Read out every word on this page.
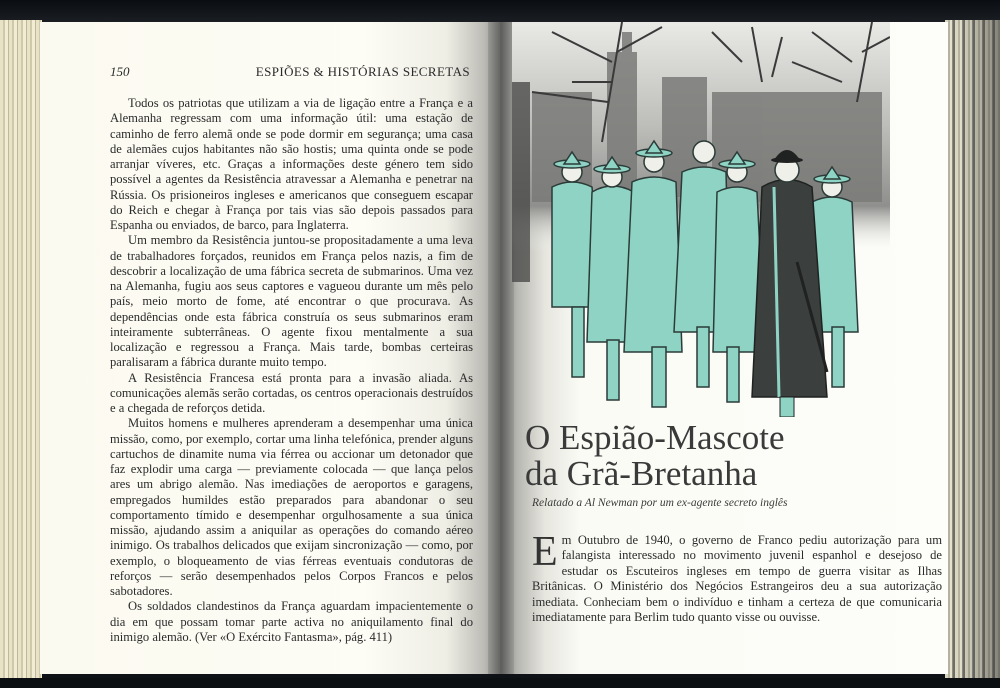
150	ESPIÕES & HISTÓRIAS SECRETAS

Todos os patriotas que utilizam a via de ligação entre a França e a Alemanha regressam com uma informação útil: uma estação de caminho de ferro alemã onde se pode dormir em segurança; uma casa de alemães cujos habitantes não são hostis; uma quinta onde se pode arranjar víveres, etc. Graças a informações deste género tem sido possível a agentes da Resistência atravessar a Alemanha e penetrar na Rússia. Os prisioneiros ingleses e americanos que conseguem escapar do Reich e chegar à França por tais vias são depois passados para Espanha ou enviados, de barco, para Inglaterra.

Um membro da Resistência juntou-se propositadamente a uma leva de trabalhadores forçados, reunidos em França pelos nazis, a fim de descobrir a localização de uma fábrica secreta de submarinos. Uma vez na Alemanha, fugiu aos seus captores e vagueou durante um mês pelo país, meio morto de fome, até encontrar o que procurava. As dependências onde esta fábrica construía os seus submarinos eram inteiramente subterrâneas. O agente fixou mentalmente a sua localização e regressou a França. Mais tarde, bombas certeiras paralisaram a fábrica durante muito tempo.

A Resistência Francesa está pronta para a invasão aliada. As comunicações alemãs serão cortadas, os centros operacionais destruídos e a chegada de reforços detida.

Muitos homens e mulheres aprenderam a desempenhar uma única missão, como, por exemplo, cortar uma linha telefónica, prender alguns cartuchos de dinamite numa via férrea ou accionar um detonador que faz explodir uma carga — previamente colocada — que lança pelos ares um abrigo alemão. Nas imediações de aeroportos e garagens, empregados humildes estão preparados para abandonar o seu comportamento tímido e desempenhar orgulhosamente a sua única missão, ajudando assim a aniquilar as operações do comando aéreo inimigo. Os trabalhos delicados que exijam sincronização — como, por exemplo, o bloqueamento de vias férreas eventuais condutoras de reforços — serão desempenhados pelos Corpos Francos e pelos sabotadores.

Os soldados clandestinos da França aguardam impacientemente o dia em que possam tomar parte activa no aniquilamento final do inimigo alemão. (Ver «O Exército Fantasma», pág. 411)

O Espião-Mascote
da Grã-Bretanha
Relatado a Al Newman por um ex-agente secreto inglês

E m Outubro de 1940, o governo de Franco pediu autorização para um falangista interessado no movimento juvenil espanhol e desejoso de estudar os Escuteiros ingleses em tempo de guerra visitar as Ilhas Britânicas. O Ministério dos Negócios Estrangeiros deu a sua autorização imediata. Conheciam bem o indivíduo e tinham a certeza de que comunicaria imediatamente para Berlim tudo quanto visse ou ouvisse.
